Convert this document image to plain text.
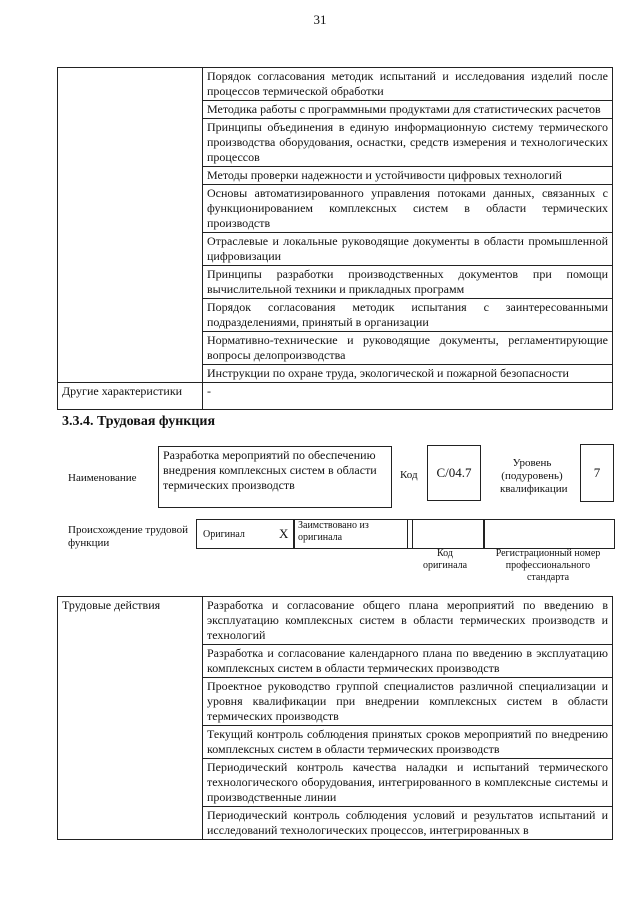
31
	Порядок согласования методик испытаний и исследования изделий после процессов термической обработки
	Методика работы с программными продуктами для статистических расчетов
	Принципы объединения в единую информационную систему термического производства оборудования, оснастки, средств измерения и технологических процессов
	Методы проверки надежности и устойчивости цифровых технологий
	Основы автоматизированного управления потоками данных, связанных с функционированием комплексных систем в области термических производств
	Отраслевые и локальные руководящие документы в области промышленной цифровизации
	Принципы разработки производственных документов при помощи вычислительной техники и прикладных программ
	Порядок согласования методик испытания с заинтересованными подразделениями, принятый в организации
	Нормативно-технические и руководящие документы, регламентирующие вопросы делопроизводства
	Инструкции по охране труда, экологической и пожарной безопасности
Другие характеристики	-
3.3.4. Трудовая функция
Наименование
Разработка мероприятий по обеспечению внедрения комплексных систем в области термических производств
Код	C/04.7
Уровень (подуровень) квалификации
7
Происхождение трудовой функции
Оригинал	X
Заимствовано из оригинала
Код оригинала
Регистрационный номер профессионального стандарта
Трудовые действия	Разработка и согласование общего плана мероприятий по введению в эксплуатацию комплексных систем в области термических производств и технологий
Разработка и согласование календарного плана по введению в эксплуатацию комплексных систем в области термических производств
Проектное руководство группой специалистов различной специализации и уровня квалификации при внедрении комплексных систем в области термических производств
Текущий контроль соблюдения принятых сроков мероприятий по внедрению комплексных систем в области термических производств
Периодический контроль качества наладки и испытаний термического технологического оборудования, интегрированного в комплексные системы и производственные линии
Периодический контроль соблюдения условий и результатов испытаний и исследований технологических процессов, интегрированных в
